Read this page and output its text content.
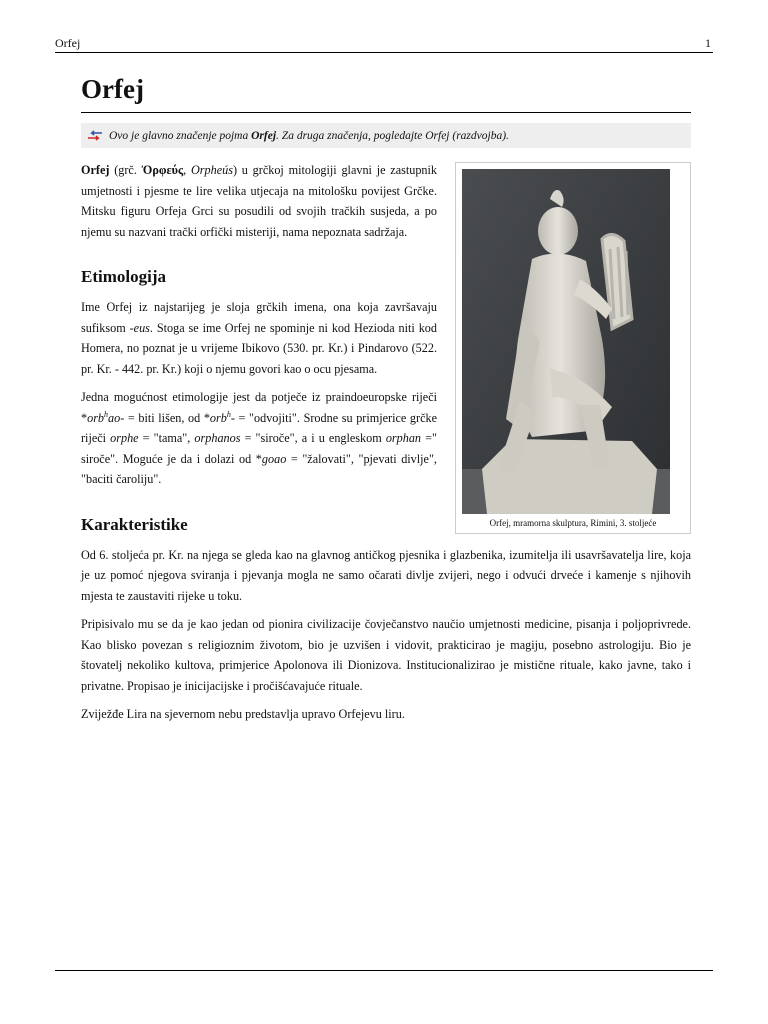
Orfej	1
Orfej
Ovo je glavno značenje pojma Orfej. Za druga značenja, pogledajte Orfej (razdvojba).
Orfej, mramorna skulptura, Rimini, 3. stoljeće

Orfej (grč. Ὀρφεύς, Orpheús) u grčkoj mitologiji glavni je zastupnik umjetnosti i pjesme te lire velika utjecaja na mitološku povijest Grčke. Mitsku figuru Orfeja Grci su posudili od svojih tračkih susjeda, a po njemu su nazvani trački orfički misteriji, nama nepoznata sadržaja.

Etimologija

Ime Orfej iz najstarijeg je sloja grčkih imena, ona koja završavaju sufiksom -eus. Stoga se ime Orfej ne spominje ni kod Hezioda niti kod Homera, no poznat je u vrijeme Ibikovo (530. pr. Kr.) i Pindarovo (522. pr. Kr. - 442. pr. Kr.) koji o njemu govori kao o ocu pjesama.

Jedna mogućnost etimologije jest da potječe iz praindoeuropske riječi *orb$^h$ao- = biti lišen, od *orb$^h$- = "odvojiti". Srodne su primjerice grčke riječi orphe = "tama", orphanos = "siroče", a i u engleskom orphan =" siroče". Moguće je da i dolazi od *goao = "žalovati", "pjevati divlje", "baciti čaroliju".

Karakteristike

Od 6. stoljeća pr. Kr. na njega se gleda kao na glavnog antičkog pjesnika i glazbenika, izumitelja ili usavršavatelja lire, koja je uz pomoć njegova sviranja i pjevanja mogla ne samo očarati divlje zvijeri, nego i odvući drveće i kamenje s njihovih mjesta te zaustaviti rijeke u toku.

Pripisivalo mu se da je kao jedan od pionira civilizacije čovječanstvo naučio umjetnosti medicine, pisanja i poljoprivrede. Kao blisko povezan s religioznim životom, bio je uzvišen i vidovit, prakticirao je magiju, posebno astrologiju. Bio je štovatelj nekoliko kultova, primjerice Apolonova ili Dionizova. Institucionalizirao je mistične rituale, kako javne, tako i privatne. Propisao je inicijacijske i pročišćavajuće rituale.

Zviježđe Lira na sjevernom nebu predstavlja upravo Orfejevu liru.
